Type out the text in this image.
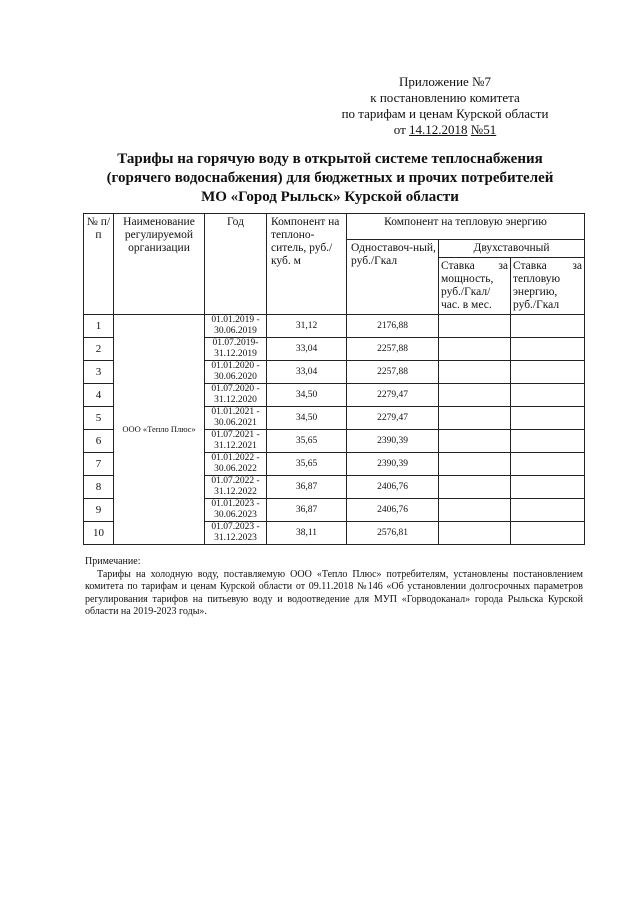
Приложение №7
к постановлению комитета
по тарифам и ценам Курской области
от 14.12.2018 №51
Тарифы на горячую воду в открытой системе теплоснабжения
(горячего водоснабжения) для бюджетных и прочих потребителей
МО «Город Рыльск» Курской области
№ п/п	Наименование регулируемой организации	Год	Компонент на теплоно-ситель, руб./куб. м	Компонент на тепловую энергию		
				Одноставоч-ный, руб./Гкал	Двухставочный	
					Ставка за мощность, руб./Гкал/час. в мес.	Ставка за тепловую энергию, руб./Гкал
1	ООО «Тепло Плюс»	01.01.2019 -
30.06.2019	31,12	2176,88		
2		01.07.2019-
31.12.2019	33,04	2257,88		
3		01.01.2020 -
30.06.2020	33,04	2257,88		
4		01.07.2020 -
31.12.2020	34,50	2279,47		
5		01.01.2021 -
30.06.2021	34,50	2279,47		
6		01.07.2021 -
31.12.2021	35,65	2390,39		
7		01.01.2022 -
30.06.2022	35,65	2390,39		
8		01.07.2022 -
31.12.2022	36,87	2406,76		
9		01.01.2023 -
30.06.2023	36,87	2406,76		
10		01.07.2023 -
31.12.2023	38,11	2576,81		
Примечание:

Тарифы на холодную воду, поставляемую ООО «Тепло Плюс» потребителям, установлены постановлением комитета по тарифам и ценам Курской области от 09.11.2018 №146 «Об установлении долгосрочных параметров регулирования тарифов на питьевую воду и водоотведение для МУП «Горводоканал» города Рыльска Курской области на 2019-2023 годы».
